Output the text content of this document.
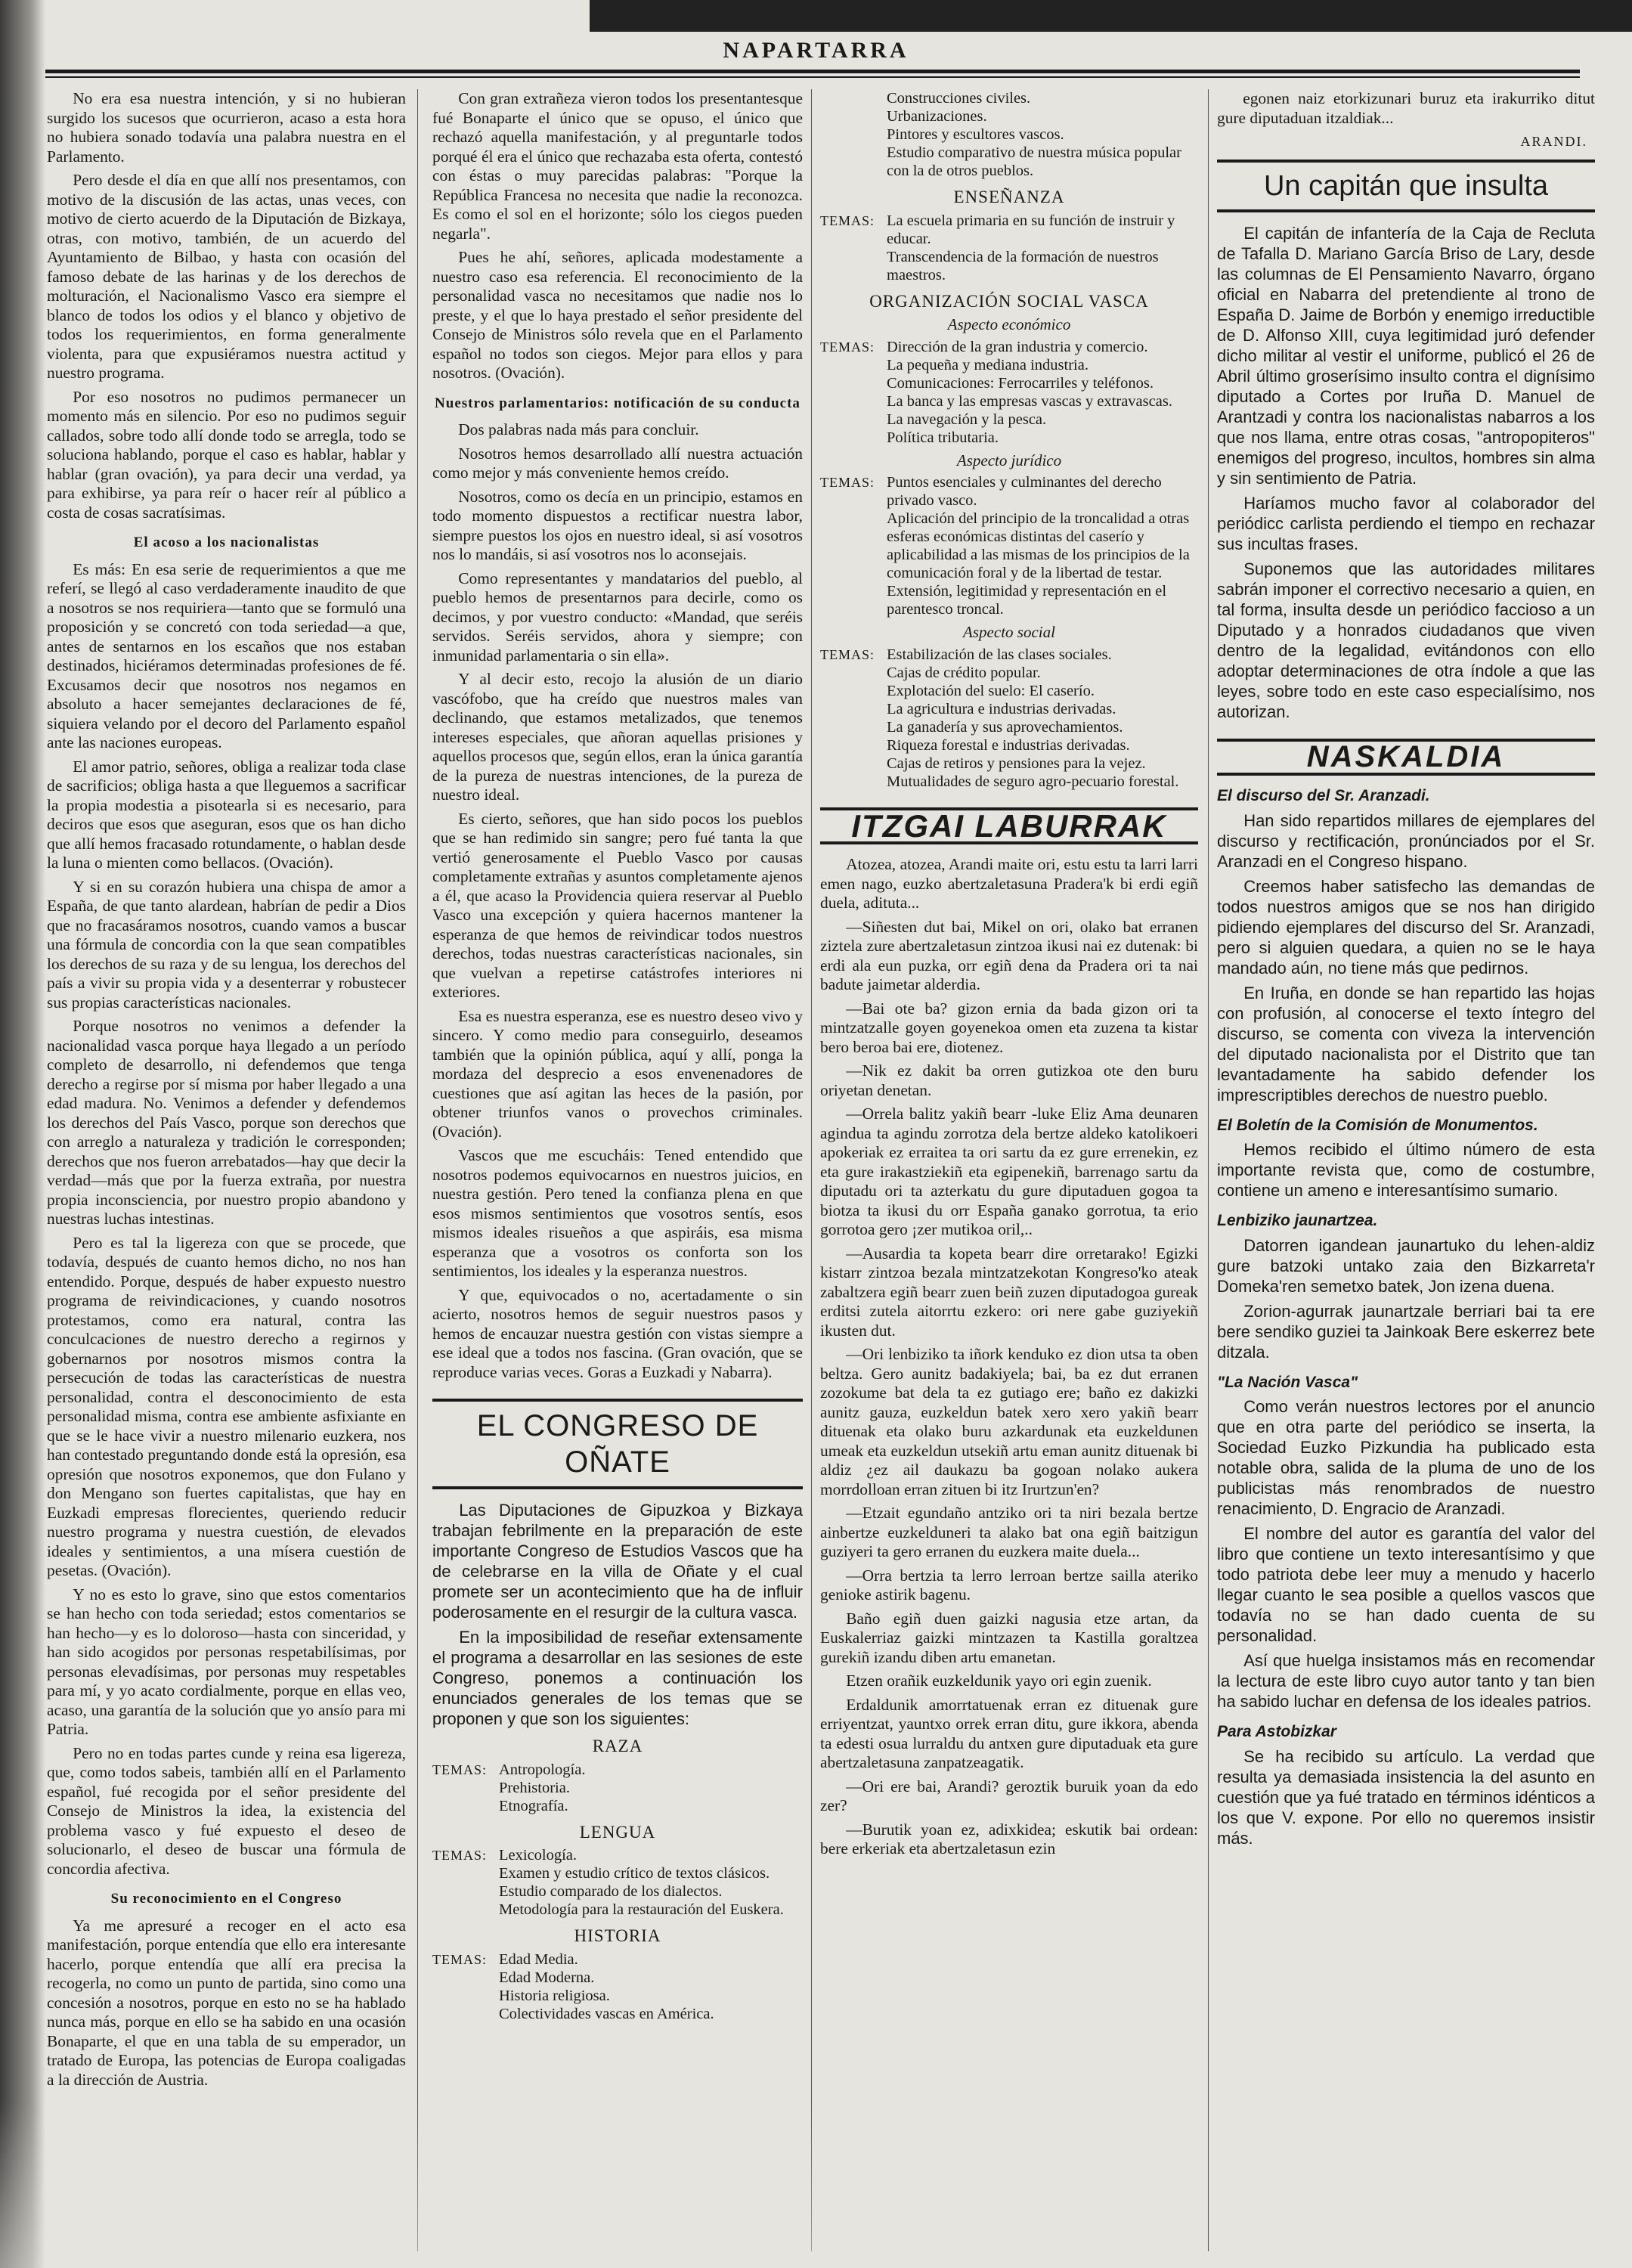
NAPARTARRA

No era esa nuestra intención, y si no hubieran surgido los sucesos que ocurrieron, acaso a esta hora no hubiera sonado todavía una palabra nuestra en el Parlamento.

Pero desde el día en que allí nos presentamos, con motivo de la discusión de las actas, unas veces, con motivo de cierto acuerdo de la Diputación de Bizkaya, otras, con motivo, también, de un acuerdo del Ayuntamiento de Bilbao, y hasta con ocasión del famoso debate de las harinas y de los derechos de molturación, el Nacionalismo Vasco era siempre el blanco de todos los odios y el blanco y objetivo de todos los requerimientos, en forma generalmente violenta, para que expusiéramos nuestra actitud y nuestro programa.

Por eso nosotros no pudimos permanecer un momento más en silencio. Por eso no pudimos seguir callados, sobre todo allí donde todo se arregla, todo se soluciona hablando, porque el caso es hablar, hablar y hablar (gran ovación), ya para decir una verdad, ya para exhibirse, ya para reír o hacer reír al público a costa de cosas sacratísimas.

El acoso a los nacionalistas

Es más: En esa serie de requerimientos a que me referí, se llegó al caso verdaderamente inaudito de que a nosotros se nos requiriera—tanto que se formuló una proposición y se concretó con toda seriedad—a que, antes de sentarnos en los escaños que nos estaban destinados, hiciéramos determinadas profesiones de fé. Excusamos decir que nosotros nos negamos en absoluto a hacer semejantes declaraciones de fé, siquiera velando por el decoro del Parlamento español ante las naciones europeas.

El amor patrio, señores, obliga a realizar toda clase de sacrificios; obliga hasta a que lleguemos a sacrificar la propia modestia a pisotearla si es necesario, para deciros que esos que aseguran, esos que os han dicho que allí hemos fracasado rotundamente, o hablan desde la luna o mienten como bellacos. (Ovación).

Y si en su corazón hubiera una chispa de amor a España, de que tanto alardean, habrían de pedir a Dios que no fracasáramos nosotros, cuando vamos a buscar una fórmula de concordia con la que sean compatibles los derechos de su raza y de su lengua, los derechos del país a vivir su propia vida y a desenterrar y robustecer sus propias características nacionales.

Porque nosotros no venimos a defender la nacionalidad vasca porque haya llegado a un período completo de desarrollo, ni defendemos que tenga derecho a regirse por sí misma por haber llegado a una edad madura. No. Venimos a defender y defendemos los derechos del País Vasco, porque son derechos que con arreglo a naturaleza y tradición le corresponden; derechos que nos fueron arrebatados—hay que decir la verdad—más que por la fuerza extraña, por nuestra propia inconsciencia, por nuestro propio abandono y nuestras luchas intestinas.

Pero es tal la ligereza con que se procede, que todavía, después de cuanto hemos dicho, no nos han entendido. Porque, después de haber expuesto nuestro programa de reivindicaciones, y cuando nosotros protestamos, como era natural, contra las conculcaciones de nuestro derecho a regirnos y gobernarnos por nosotros mismos contra la persecución de todas las características de nuestra personalidad, contra el desconocimiento de esta personalidad misma, contra ese ambiente asfixiante en que se le hace vivir a nuestro milenario euzkera, nos han contestado preguntando donde está la opresión, esa opresión que nosotros exponemos, que don Fulano y don Mengano son fuertes capitalistas, que hay en Euzkadi empresas florecientes, queriendo reducir nuestro programa y nuestra cuestión, de elevados ideales y sentimientos, a una mísera cuestión de pesetas. (Ovación).

Y no es esto lo grave, sino que estos comentarios se han hecho con toda seriedad; estos comentarios se han hecho—y es lo doloroso—hasta con sinceridad, y han sido acogidos por personas respetabilísimas, por personas elevadísimas, por personas muy respetables para mí, y yo acato cordialmente, porque en ellas veo, acaso, una garantía de la solución que yo ansío para mi Patria.

Pero no en todas partes cunde y reina esa ligereza, que, como todos sabeis, también allí en el Parlamento español, fué recogida por el señor presidente del Consejo de Ministros la idea, la existencia del problema vasco y fué expuesto el deseo de solucionarlo, el deseo de buscar una fórmula de concordia afectiva.

Su reconocimiento en el Congreso

Ya me apresuré a recoger en el acto esa manifestación, porque entendía que ello era interesante hacerlo, porque entendía que allí era precisa la recogerla, no como un punto de partida, sino como una concesión a nosotros, porque en esto no se ha hablado nunca más, porque en ello se ha sabido en una ocasión Bonaparte, el que en una tabla de su emperador, un tratado de Europa, las potencias de Europa coaligadas a la dirección de Austria.

Con gran extrañeza vieron todos los presentantesque fué Bonaparte el único que se opuso, el único que rechazó aquella manifestación, y al preguntarle todos porqué él era el único que rechazaba esta oferta, contestó con éstas o muy parecidas palabras: "Porque la República Francesa no necesita que nadie la reconozca. Es como el sol en el horizonte; sólo los ciegos pueden negarla".

Pues he ahí, señores, aplicada modestamente a nuestro caso esa referencia. El reconocimiento de la personalidad vasca no necesitamos que nadie nos lo preste, y el que lo haya prestado el señor presidente del Consejo de Ministros sólo revela que en el Parlamento español no todos son ciegos. Mejor para ellos y para nosotros. (Ovación).

Nuestros parlamentarios: notificación de su conducta

Dos palabras nada más para concluir.

Nosotros hemos desarrollado allí nuestra actuación como mejor y más conveniente hemos creído.

Nosotros, como os decía en un principio, estamos en todo momento dispuestos a rectificar nuestra labor, siempre puestos los ojos en nuestro ideal, si así vosotros nos lo mandáis, si así vosotros nos lo aconsejais.

Como representantes y mandatarios del pueblo, al pueblo hemos de presentarnos para decirle, como os decimos, y por vuestro conducto: «Mandad, que seréis servidos. Seréis servidos, ahora y siempre; con inmunidad parlamentaria o sin ella».

Y al decir esto, recojo la alusión de un diario vascófobo, que ha creído que nuestros males van declinando, que estamos metalizados, que tenemos intereses especiales, que añoran aquellas prisiones y aquellos procesos que, según ellos, eran la única garantía de la pureza de nuestras intenciones, de la pureza de nuestro ideal.

Es cierto, señores, que han sido pocos los pueblos que se han redimido sin sangre; pero fué tanta la que vertió generosamente el Pueblo Vasco por causas completamente extrañas y asuntos completamente ajenos a él, que acaso la Providencia quiera reservar al Pueblo Vasco una excepción y quiera hacernos mantener la esperanza de que hemos de reivindicar todos nuestros derechos, todas nuestras características nacionales, sin que vuelvan a repetirse catástrofes interiores ni exteriores.

Esa es nuestra esperanza, ese es nuestro deseo vivo y sincero. Y como medio para conseguirlo, deseamos también que la opinión pública, aquí y allí, ponga la mordaza del desprecio a esos envenenadores de cuestiones que así agitan las heces de la pasión, por obtener triunfos vanos o provechos criminales. (Ovación).

Vascos que me escucháis: Tened entendido que nosotros podemos equivocarnos en nuestros juicios, en nuestra gestión. Pero tened la confianza plena en que esos mismos sentimientos que vosotros sentís, esos mismos ideales risueños a que aspiráis, esa misma esperanza que a vosotros os conforta son los sentimientos, los ideales y la esperanza nuestros.

Y que, equivocados o no, acertadamente o sin acierto, nosotros hemos de seguir nuestros pasos y hemos de encauzar nuestra gestión con vistas siempre a ese ideal que a todos nos fascina. (Gran ovación, que se reproduce varias veces. Goras a Euzkadi y Nabarra).

EL CONGRESO DE OÑATE

Las Diputaciones de Gipuzkoa y Bizkaya trabajan febrilmente en la preparación de este importante Congreso de Estudios Vascos que ha de celebrarse en la villa de Oñate y el cual promete ser un acontecimiento que ha de influir poderosamente en el resurgir de la cultura vasca.

En la imposibilidad de reseñar extensamente el programa a desarrollar en las sesiones de este Congreso, ponemos a continuación los enunciados generales de los temas que se proponen y que son los siguientes:

RAZA
TEMAS: Antropología.
Prehistoria.
Etnografía.
LENGUA
TEMAS: Lexicología.
Examen y estudio crítico de textos clásicos.
Estudio comparado de los dialectos.
Metodología para la restauración del Euskera.
HISTORIA
TEMAS: Edad Media.
Edad Moderna.
Historia religiosa.
Colectividades vascas en América.
Construcciones civiles.
Urbanizaciones.
Pintores y escultores vascos.
Estudio comparativo de nuestra música popular con la de otros pueblos.
ENSEÑANZA
TEMAS: La escuela primaria en su función de instruir y educar.
Transcendencia de la formación de nuestros maestros.
ORGANIZACIÓN SOCIAL VASCA
Aspecto económico
TEMAS: Dirección de la gran industria y comercio.
La pequeña y mediana industria.
Comunicaciones: Ferrocarriles y teléfonos.
La banca y las empresas vascas y extravascas.
La navegación y la pesca.
Política tributaria.
Aspecto jurídico
TEMAS: Puntos esenciales y culminantes del derecho privado vasco.
Aplicación del principio de la troncalidad a otras esferas económicas distintas del caserío y aplicabilidad a las mismas de los principios de la comunicación foral y de la libertad de testar.
Extensión, legitimidad y representación en el parentesco troncal.
Aspecto social
TEMAS: Estabilización de las clases sociales.
Cajas de crédito popular.
Explotación del suelo: El caserío.
La agricultura e industrias derivadas.
La ganadería y sus aprovechamientos.
Riqueza forestal e industrias derivadas.
Cajas de retiros y pensiones para la vejez.
Mutualidades de seguro agro-pecuario forestal.
ITZGAI LABURRAK

Atozea, atozea, Arandi maite ori, estu estu ta larri larri emen nago, euzko abertzaletasuna Pradera'k bi erdi egiñ duela, adituta...

—Siñesten dut bai, Mikel on ori, olako bat erranen ziztela zure abertzaletasun zintzoa ikusi nai ez dutenak: bi erdi ala eun puzka, orr egiñ dena da Pradera ori ta nai badute jaimetar alderdia.

—Bai ote ba? gizon ernia da bada gizon ori ta mintzatzalle goyen goyenekoa omen eta zuzena ta kistar bero beroa bai ere, diotenez.

—Nik ez dakit ba orren gutizkoa ote den buru oriyetan denetan.

—Orrela balitz yakiñ bearr -luke Eliz Ama deunaren agindua ta agindu zorrotza dela bertze aldeko katolikoeri apokeriak ez erraitea ta ori sartu da ez gure errenekin, ez eta gure irakastziekiñ eta egipenekiñ, barrenago sartu da diputadu ori ta azterkatu du gure diputaduen gogoa ta biotza ta ikusi du orr España ganako gorrotua, ta erio gorrotoa gero ¡zer mutikoa oril,..

—Ausardia ta kopeta bearr dire orretarako! Egizki kistarr zintzoa bezala mintzatzekotan Kongreso'ko ateak zabaltzera egiñ bearr zuen beiñ zuzen diputadogoa gureak erditsi zutela aitorrtu ezkero: ori nere gabe guziyekiñ ikusten dut.

—Ori lenbiziko ta iñork kenduko ez dion utsa ta oben beltza. Gero aunitz badakiyela; bai, ba ez dut erranen zozokume bat dela ta ez gutiago ere; baño ez dakizki aunitz gauza, euzkeldun batek xero xero yakiñ bearr dituenak eta olako buru azkardunak eta euzkeldunen umeak eta euzkeldun utsekiñ artu eman aunitz dituenak bi aldiz ¿ez ail daukazu ba gogoan nolako aukera morrdolloan erran zituen bi itz Irurtzun'en?

—Etzait egundaño antziko ori ta niri bezala bertze ainbertze euzkelduneri ta alako bat ona egiñ baitzigun guziyeri ta gero erranen du euzkera maite duela...

—Orra bertzia ta lerro lerroan bertze sailla ateriko genioke astirik bagenu.

Baño egiñ duen gaizki nagusia etze artan, da Euskalerriaz gaizki mintzazen ta Kastilla goraltzea gurekiñ izandu diben artu emanetan.

Etzen orañik euzkeldunik yayo ori egin zuenik.

Erdaldunik amorrtatuenak erran ez dituenak gure erriyentzat, yauntxo orrek erran ditu, gure ikkora, abenda ta edesti osua lurraldu du antxen gure diputaduak eta gure abertzaletasuna zanpatzeagatik.

—Ori ere bai, Arandi? geroztik buruik yoan da edo zer?

—Burutik yoan ez, adixkidea; eskutik bai ordean: bere erkeriak eta abertzaletasun ezin

egonen naiz etorkizunari buruz eta irakurriko ditut gure diputaduan itzaldiak...

ARANDI.
Un capitán que insulta

El capitán de infantería de la Caja de Recluta de Tafalla D. Mariano García Briso de Lary, desde las columnas de El Pensamiento Navarro, órgano oficial en Nabarra del pretendiente al trono de España D. Jaime de Borbón y enemigo irreductible de D. Alfonso XIII, cuya legitimidad juró defender dicho militar al vestir el uniforme, publicó el 26 de Abril último groserísimo insulto contra el dignísimo diputado a Cortes por Iruña D. Manuel de Arantzadi y contra los nacionalistas nabarros a los que nos llama, entre otras cosas, "antropopiteros" enemigos del progreso, incultos, hombres sin alma y sin sentimiento de Patria.

Haríamos mucho favor al colaborador del periódicc carlista perdiendo el tiempo en rechazar sus incultas frases.

Suponemos que las autoridades militares sabrán imponer el correctivo necesario a quien, en tal forma, insulta desde un periódico faccioso a un Diputado y a honrados ciudadanos que viven dentro de la legalidad, evitándonos con ello adoptar determinaciones de otra índole a que las leyes, sobre todo en este caso especialísimo, nos autorizan.

NASKALDIA
El discurso del Sr. Aranzadi.

Han sido repartidos millares de ejemplares del discurso y rectificación, pronúnciados por el Sr. Aranzadi en el Congreso hispano.

Creemos haber satisfecho las demandas de todos nuestros amigos que se nos han dirigido pidiendo ejemplares del discurso del Sr. Aranzadi, pero si alguien quedara, a quien no se le haya mandado aún, no tiene más que pedirnos.

En Iruña, en donde se han repartido las hojas con profusión, al conocerse el texto íntegro del discurso, se comenta con viveza la intervención del diputado nacionalista por el Distrito que tan levantadamente ha sabido defender los imprescriptibles derechos de nuestro pueblo.

El Boletín de la Comisión de Monumentos.

Hemos recibido el último número de esta importante revista que, como de costumbre, contiene un ameno e interesantísimo sumario.

Lenbiziko jaunartzea.

Datorren igandean jaunartuko du lehen-aldiz gure batzoki untako zaia den Bizkarreta'r Domeka'ren semetxo batek, Jon izena duena.

Zorion-agurrak jaunartzale berriari bai ta ere bere sendiko guziei ta Jainkoak Bere eskerrez bete ditzala.

"La Nación Vasca"

Como verán nuestros lectores por el anuncio que en otra parte del periódico se inserta, la Sociedad Euzko Pizkundia ha publicado esta notable obra, salida de la pluma de uno de los publicistas más renombrados de nuestro renacimiento, D. Engracio de Aranzadi.

El nombre del autor es garantía del valor del libro que contiene un texto interesantísimo y que todo patriota debe leer muy a menudo y hacerlo llegar cuanto le sea posible a quellos vascos que todavía no se han dado cuenta de su personalidad.

Así que huelga insistamos más en recomendar la lectura de este libro cuyo autor tanto y tan bien ha sabido luchar en defensa de los ideales patrios.

Para Astobizkar

Se ha recibido su artículo. La verdad que resulta ya demasiada insistencia la del asunto en cuestión que ya fué tratado en términos idénticos a los que V. expone. Por ello no queremos insistir más.
